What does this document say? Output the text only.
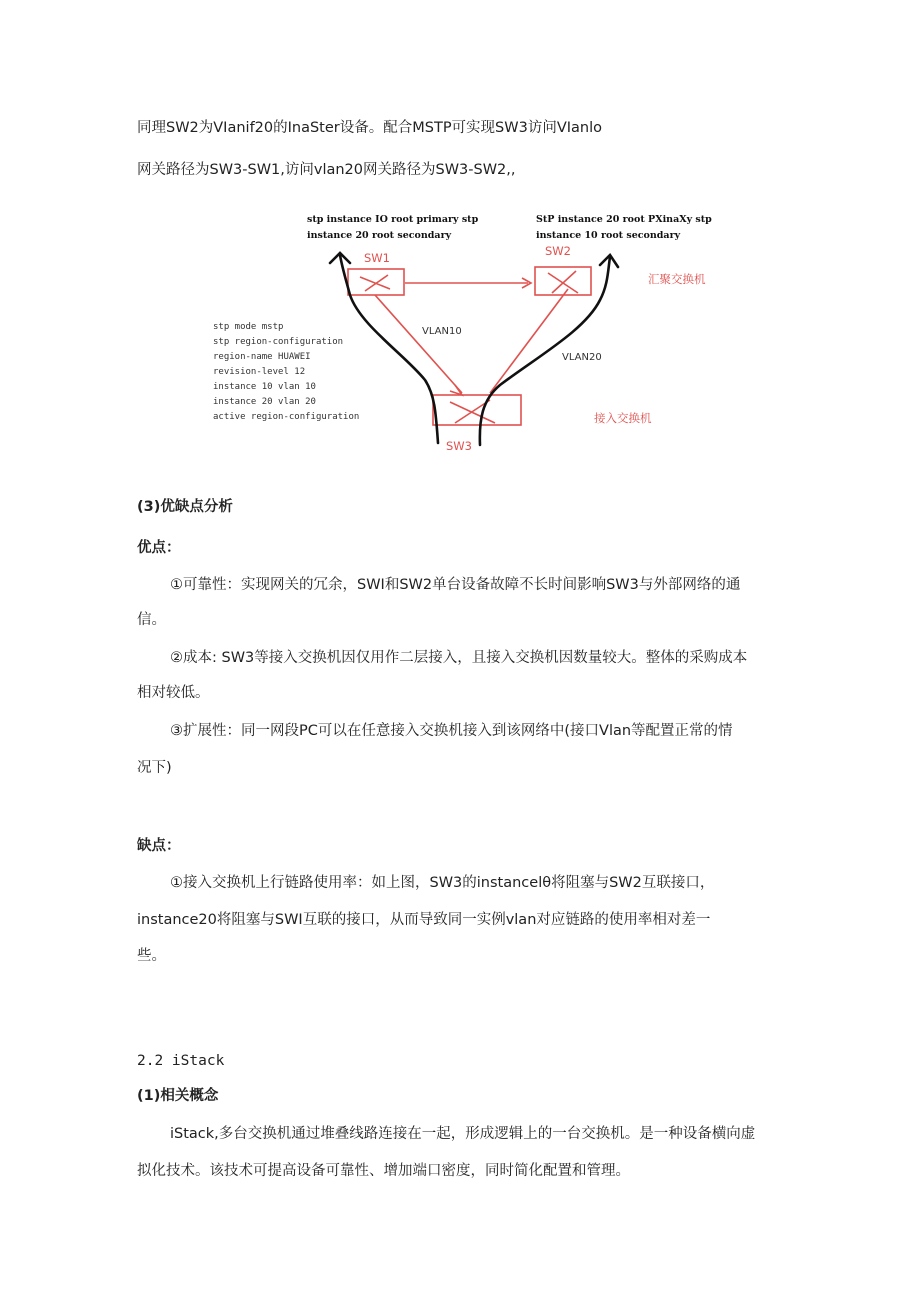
同理SW2为VIanif20的InaSter设备。配合MSTP可实现SW3访问VIanlo
网关路径为SW3-SW1,访问vlan20网关路径为SW3-SW2,,
stp instance IO root primary stp
instance 20 root secondary
StP instance 20 root PXinaXy stp
instance 10 root secondary
SW1	SW2
汇聚交换机
SW3
接入交换机
VLAN10
VLAN20
stp mode mstp
stp region-configuration
region-name HUAWEI
revision-level 12
instance 10 vlan 10
instance 20 vlan 20
active region-configuration
(3)优缺点分析
优点：
①可靠性：实现网关的冗余，SWI和SW2单台设备故障不长时间影响SW3与外部网络的通
信。
②成本: SW3等接入交换机因仅用作二层接入，且接入交换机因数量较大。整体的采购成本
相对较低。
③扩展性：同一网段PC可以在任意接入交换机接入到该网络中(接口Vlan等配置正常的情
况下)
缺点：
①接入交换机上行链路使用率：如上图，SW3的instancelθ将阻塞与SW2互联接口，
instance20将阻塞与SWI互联的接口，从而导致同一实例vlan对应链路的使用率相对差一
些。
2.2 iStack
(1)相关概念
iStack,多台交换机通过堆叠线路连接在一起，形成逻辑上的一台交换机。是一种设备横向虚
拟化技术。该技术可提高设备可靠性、增加端口密度，同时简化配置和管理。
